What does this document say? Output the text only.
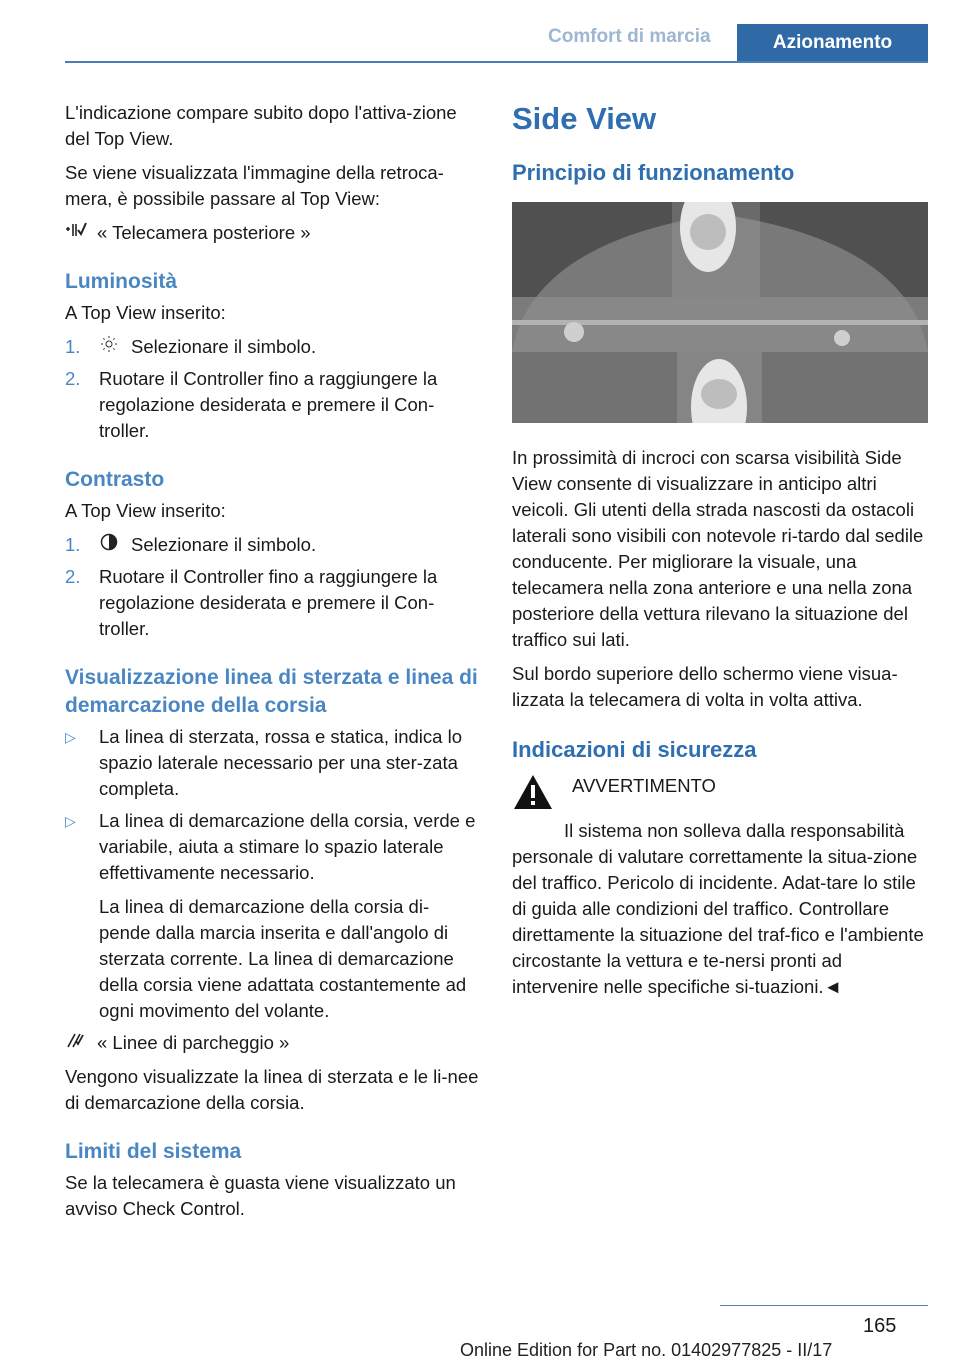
Comfort di marcia	Azionamento

L'indicazione compare subito dopo l'attiva-zione del Top View.

Se viene visualizzata l'immagine della retroca-mera, è possibile passare al Top View:

« Telecamera posteriore »

Luminosità

A Top View inserito:

1.	Selezionare il simbolo.
2.	Ruotare il Controller fino a raggiungere la regolazione desiderata e premere il Con-troller.
Contrasto

A Top View inserito:

1.	Selezionare il simbolo.
2.	Ruotare il Controller fino a raggiungere la regolazione desiderata e premere il Con-troller.
Visualizzazione linea di sterzata e linea di demarcazione della corsia
▷	La linea di sterzata, rossa e statica, indica lo spazio laterale necessario per una ster-zata completa.
▷	La linea di demarcazione della corsia, verde e variabile, aiuta a stimare lo spazio laterale effettivamente necessario.
La linea di demarcazione della corsia di-pende dalla marcia inserita e dall'angolo di sterzata corrente. La linea di demarcazione della corsia viene adattata costantemente ad ogni movimento del volante.

« Linee di parcheggio »

Vengono visualizzate la linea di sterzata e le li-nee di demarcazione della corsia.

Limiti del sistema

Se la telecamera è guasta viene visualizzato un avviso Check Control.

Side View
Principio di funzionamento

In prossimità di incroci con scarsa visibilità Side View consente di visualizzare in anticipo altri veicoli. Gli utenti della strada nascosti da ostacoli laterali sono visibili con notevole ri-tardo dal sedile conducente. Per migliorare la visuale, una telecamera nella zona anteriore e una nella zona posteriore della vettura rilevano la situazione del traffico sui lati.

Sul bordo superiore dello schermo viene visua-lizzata la telecamera di volta in volta attiva.

Indicazioni di sicurezza
AVVERTIMENTO

Il sistema non solleva dalla responsabilità personale di valutare correttamente la situa-zione del traffico. Pericolo di incidente. Adat-tare lo stile di guida alle condizioni del traffico. Controllare direttamente la situazione del traf-fico e l'ambiente circostante la vettura e te-nersi pronti ad intervenire nelle specifiche si-tuazioni.◄

165
Online Edition for Part no. 01402977825 - II/17
